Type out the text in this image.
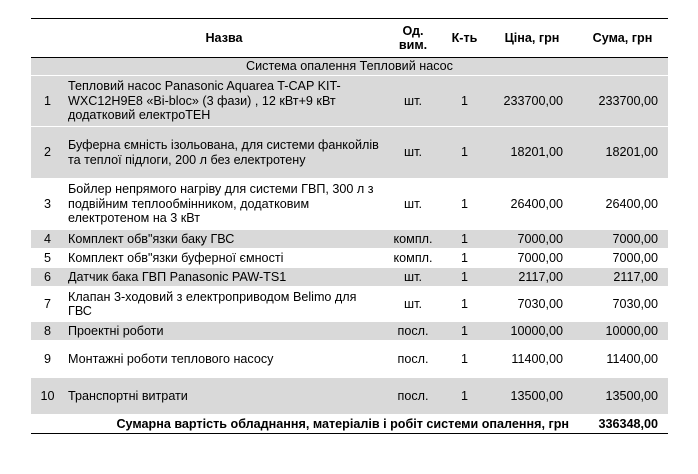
	Назва	Од. вим.	К-ть	Ціна, грн	Сума, грн
Система опалення Тепловий насос					
1	Тепловий насос Panasonic Aquarea T-CAP KIT-WXC12H9E8 «Bi-bloc» (3 фази) , 12 кВт+9 кВт додатковий електроТЕН	шт.	1	233700,00	233700,00
2	Буферна ємність ізольована, для системи фанкойлів та теплої підлоги, 200 л без електротену	шт.	1	18201,00	18201,00
3	Бойлер непрямого нагріву для системи ГВП, 300 л з подвійним теплообмінником, додатковим електротеном на 3 кВт	шт.	1	26400,00	26400,00
4	Комплект обв"язки баку ГВС	компл.	1	7000,00	7000,00
5	Комплект обв"язки буферної ємності	компл.	1	7000,00	7000,00
6	Датчик бака ГВП Panasonic PAW-TS1	шт.	1	2117,00	2117,00
7	Клапан 3-ходовий з електроприводом Belimo для ГВС	шт.	1	7030,00	7030,00
8	Проектні роботи	посл.	1	10000,00	10000,00
9	Монтажні роботи теплового насосу	посл.	1	11400,00	11400,00
10	Транспортні витрати	посл.	1	13500,00	13500,00
Сумарна вартість обладнання, матеріалів і робіт системи опалення, грн					336348,00
